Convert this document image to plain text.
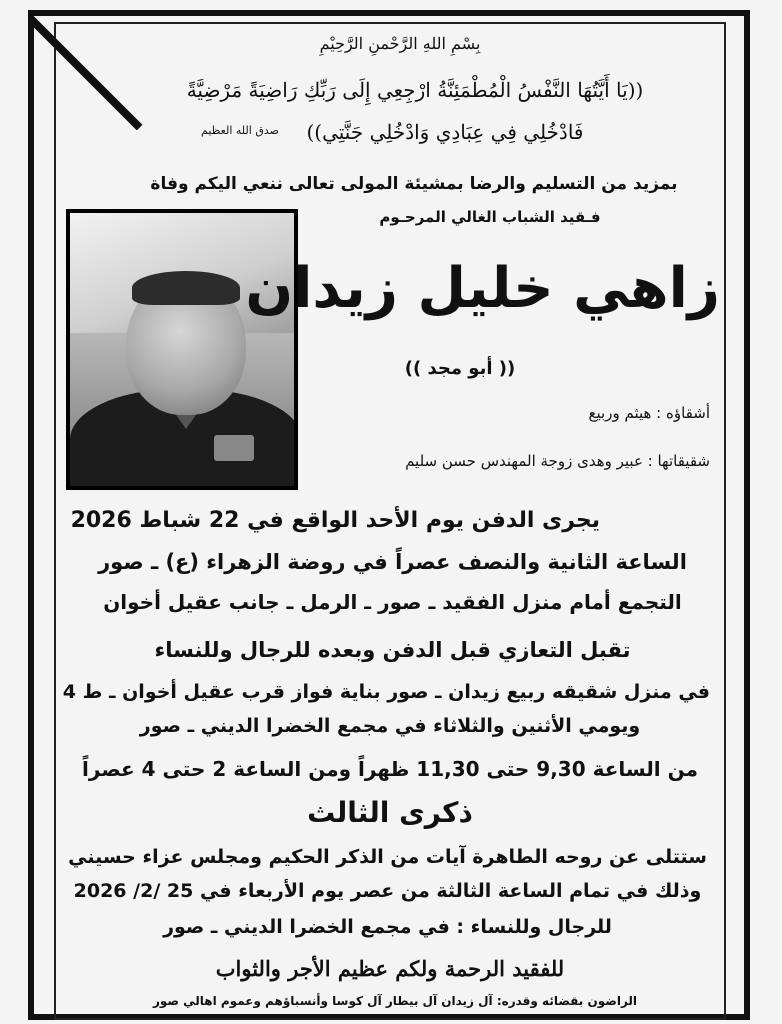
بِسْمِ اللهِ الرَّحْمنِ الرَّحِيْمِ
((يَا أَيَّتُهَا النَّفْسُ الْمُطْمَئِنَّةُ ارْجِعِي إِلَى رَبِّكِ رَاضِيَةً مَرْضِيَّةً
فَادْخُلِي فِي عِبَادِي وَادْخُلِي جَنَّتِي))
صدق الله العظيم
بمزيد من التسليم والرضا بمشيئة المولى تعالى ننعي اليكم وفاة
فـقيد الشباب الغالي المرحـوم
زاهي خليل زيدان
(( أبو مجد ))
أشقاؤه : هيثم وربيع
شقيقاتها : عبير وهدى زوجة المهندس حسن سليم
يجرى الدفن يوم الأحد الواقع في 22 شباط 2026
الساعة الثانية والنصف عصراً في روضة الزهراء (ع) ـ صور
التجمع أمام منزل الفقيد ـ صور ـ الرمل ـ جانب عقيل أخوان
تقبل التعازي قبل الدفن وبعده للرجال وللنساء
في منزل شقيقه ربيع زيدان ـ صور بناية فواز قرب عقيل أخوان ـ ط 4
ويومي الأثنين والثلاثاء في مجمع الخضرا الديني ـ صور
من الساعة 9,30 حتى 11,30 ظهراً ومن الساعة 2 حتى 4 عصراً
ذكرى الثالث
ستتلى عن روحه الطاهرة آيات من الذكر الحكيم ومجلس عزاء حسيني
وذلك في تمام الساعة الثالثة من عصر يوم الأربعاء في 25 /2/ 2026
للرجال وللنساء : في مجمع الخضرا الديني ـ صور
للفقيد الرحمة ولكم عظيم الأجر والثواب
الراضون بقضائه وقدره: آل زيدان آل بيطار آل كوسا وأنسباؤهم وعموم اهالي صور
